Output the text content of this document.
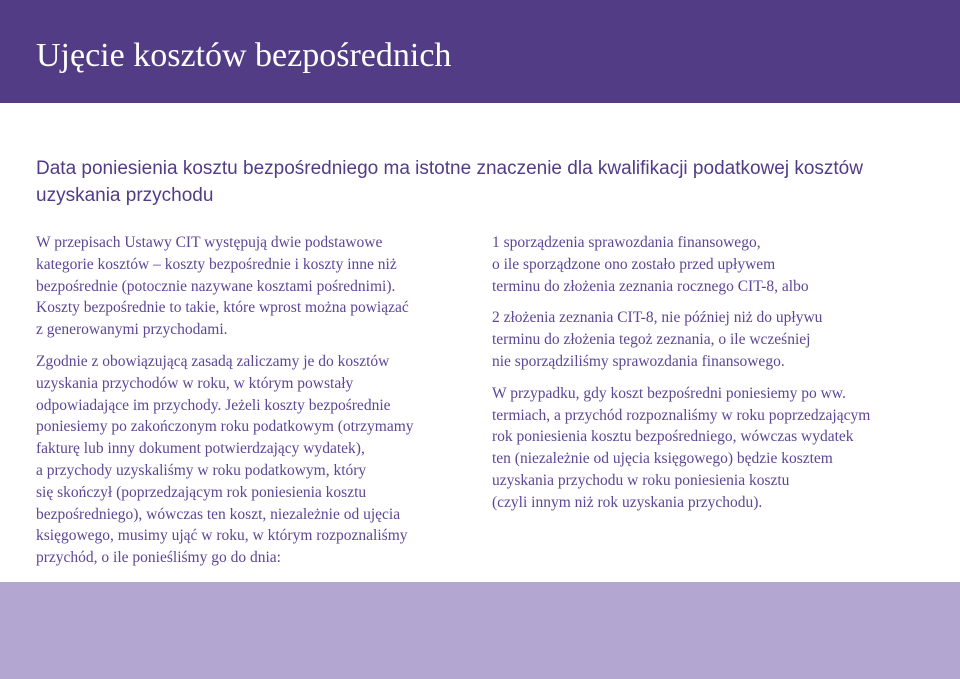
Ujęcie kosztów bezpośrednich
Data poniesienia kosztu bezpośredniego ma istotne znaczenie dla kwalifikacji podatkowej kosztów uzyskania przychodu

W przepisach Ustawy CIT występują dwie podstawowe
kategorie kosztów – koszty bezpośrednie i koszty inne niż
bezpośrednie (potocznie nazywane kosztami pośrednimi).
Koszty bezpośrednie to takie, które wprost można powiązać
z generowanymi przychodami.

Zgodnie z obowiązującą zasadą zaliczamy je do kosztów
uzyskania przychodów w roku, w którym powstały
odpowiadające im przychody. Jeżeli koszty bezpośrednie
poniesiemy po zakończonym roku podatkowym (otrzymamy
fakturę lub inny dokument potwierdzający wydatek),
a przychody uzyskaliśmy w roku podatkowym, który
się skończył (poprzedzającym rok poniesienia kosztu
bezpośredniego), wówczas ten koszt, niezależnie od ujęcia
księgowego, musimy ująć w roku, w którym rozpoznaliśmy
przychód, o ile ponieśliśmy go do dnia:

1 sporządzenia sprawozdania finansowego,
o ile sporządzone ono zostało przed upływem
terminu do złożenia zeznania rocznego CIT-8, albo

2 złożenia zeznania CIT-8, nie później niż do upływu
terminu do złożenia tegoż zeznania, o ile wcześniej
nie sporządziliśmy sprawozdania finansowego.

W przypadku, gdy koszt bezpośredni poniesiemy po ww.
termiach, a przychód rozpoznaliśmy w roku poprzedzającym
rok poniesienia kosztu bezpośredniego, wówczas wydatek
ten (niezależnie od ujęcia księgowego) będzie kosztem
uzyskania przychodu w roku poniesienia kosztu
(czyli innym niż rok uzyskania przychodu).
